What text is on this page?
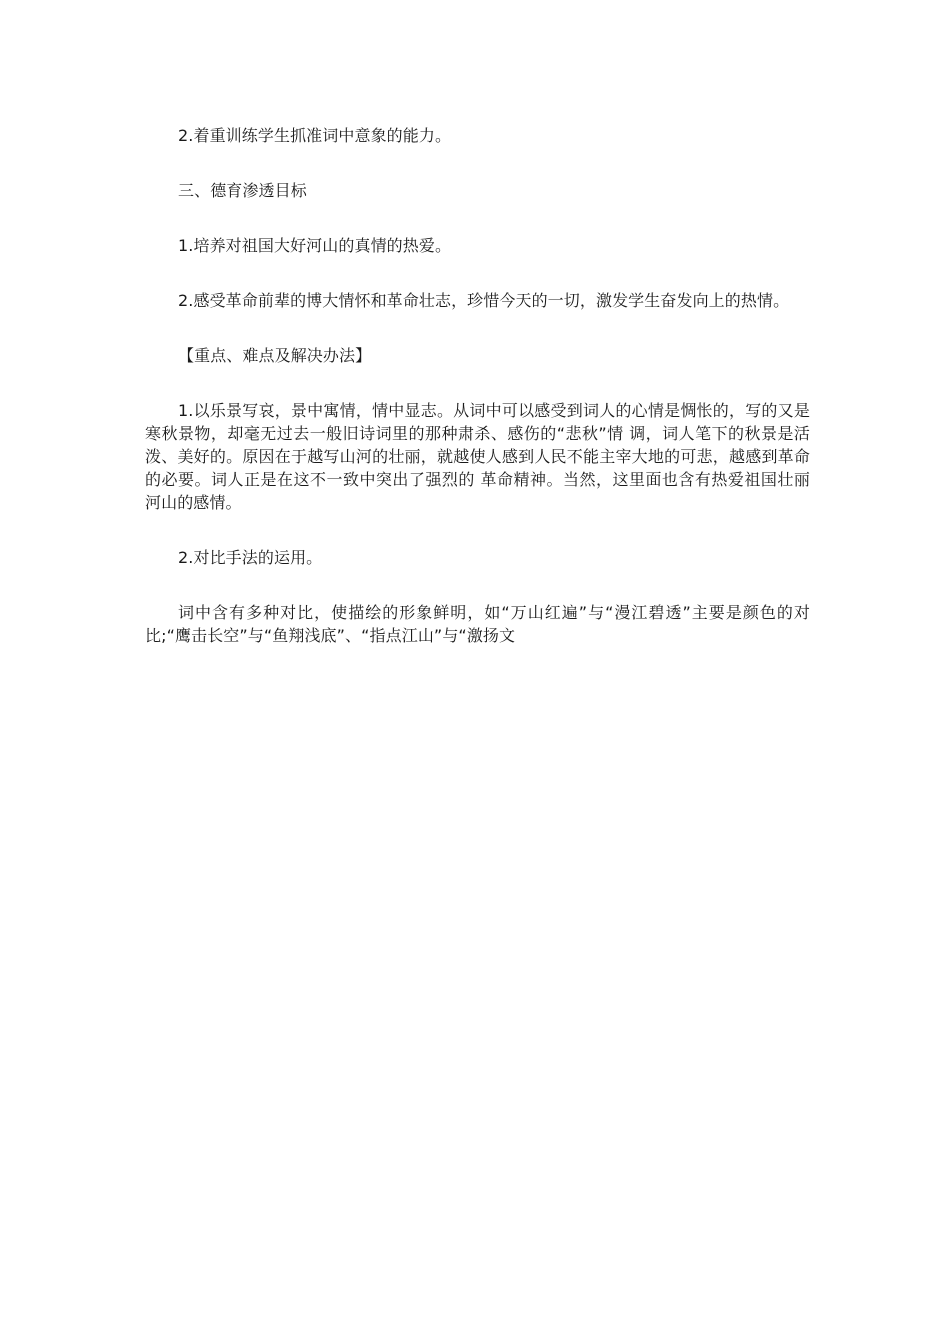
2.着重训练学生抓准词中意象的能力。

三、德育渗透目标

1.培养对祖国大好河山的真情的热爱。

2.感受革命前辈的博大情怀和革命壮志，珍惜今天的一切，激发学生奋发向上的热情。

【重点、难点及解决办法】

1.以乐景写哀，景中寓情，情中显志。从词中可以感受到词人的心情是惆怅的，写的又是寒秋景物，却毫无过去一般旧诗词里的那种肃杀、感伤的“悲秋”情 调，词人笔下的秋景是活泼、美好的。原因在于越写山河的壮丽，就越使人感到人民不能主宰大地的可悲，越感到革命的必要。词人正是在这不一致中突出了强烈的 革命精神。当然，这里面也含有热爱祖国壮丽河山的感情。

2.对比手法的运用。

词中含有多种对比，使描绘的形象鲜明，如“万山红遍”与“漫江碧透”主要是颜色的对比;“鹰击长空”与“鱼翔浅底”、“指点江山”与“激扬文
